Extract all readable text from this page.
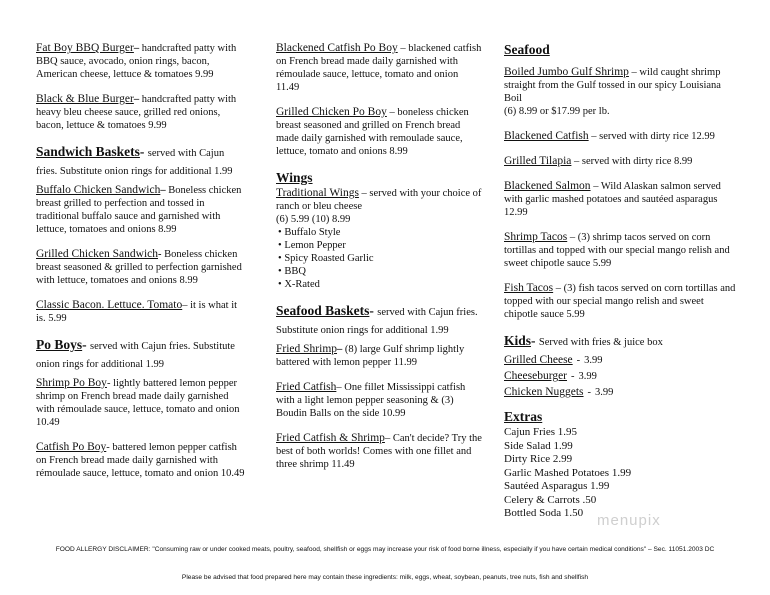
Fat Boy BBQ Burger– handcrafted patty with BBQ sauce, avocado, onion rings, bacon, American cheese, lettuce & tomatoes 9.99
Black & Blue Burger– handcrafted patty with heavy bleu cheese sauce, grilled red onions, bacon, lettuce & tomatoes 9.99
Sandwich Baskets- served with Cajun fries. Substitute onion rings for additional 1.99
Buffalo Chicken Sandwich– Boneless chicken breast grilled to perfection and tossed in traditional buffalo sauce and garnished with lettuce, tomatoes and onions 8.99
Grilled Chicken Sandwich- Boneless chicken breast seasoned & grilled to perfection garnished with lettuce, tomatoes and onions 8.99
Classic Bacon. Lettuce. Tomato– it is what it is. 5.99
Po Boys- served with Cajun fries. Substitute onion rings for additional 1.99
Shrimp Po Boy- lightly battered lemon pepper shrimp on French bread made daily garnished with rémoulade sauce, lettuce, tomato and onion 10.49
Catfish Po Boy- battered lemon pepper catfish on French bread made daily garnished with rémoulade sauce, lettuce, tomato and onion 10.49
Blackened Catfish Po Boy – blackened catfish on French bread made daily garnished with rémoulade sauce, lettuce, tomato and onion 11.49
Grilled Chicken Po Boy – boneless chicken breast seasoned and grilled on French bread made daily garnished with remoulade sauce, lettuce, tomato and onions 8.99
Wings
Traditional Wings – served with your choice of ranch or bleu cheese
(6) 5.99 (10) 8.99
• Buffalo Style
• Lemon Pepper
• Spicy Roasted Garlic
• BBQ
• X-Rated
Seafood Baskets- served with Cajun fries. Substitute onion rings for additional 1.99
Fried Shrimp– (8) large Gulf shrimp lightly battered with lemon pepper 11.99
Fried Catfish– One fillet Mississippi catfish with a light lemon pepper seasoning & (3) Boudin Balls on the side 10.99
Fried Catfish & Shrimp– Can't decide? Try the best of both worlds! Comes with one fillet and three shrimp 11.49
Seafood
Boiled Jumbo Gulf Shrimp – wild caught shrimp straight from the Gulf tossed in our spicy Louisiana Boil
(6) 8.99 or $17.99 per lb.
Blackened Catfish – served with dirty rice 12.99
Grilled Tilapia – served with dirty rice 8.99
Blackened Salmon – Wild Alaskan salmon served with garlic mashed potatoes and sautéed asparagus 12.99
Shrimp Tacos – (3) shrimp tacos served on corn tortillas and topped with our special mango relish and sweet chipotle sauce 5.99
Fish Tacos – (3) fish tacos served on corn tortillas and topped with our special mango relish and sweet chipotle sauce 5.99
Kids- Served with fries & juice box
Grilled Cheese - 3.99
Cheeseburger - 3.99
Chicken Nuggets - 3.99
Extras
Cajun Fries 1.95
Side Salad 1.99
Dirty Rice 2.99
Garlic Mashed Potatoes 1.99
Sautéed Asparagus 1.99
Celery & Carrots .50
Bottled Soda 1.50 menupix
FOOD ALLERGY DISCLAIMER: "Consuming raw or under cooked meats, poultry, seafood, shellfish or eggs may increase your risk of food borne illness, especially if you have certain medical conditions" – Sec. 11051.2003 DC
Please be advised that food prepared here may contain these ingredients: milk, eggs, wheat, soybean, peanuts, tree nuts, fish and shellfish
